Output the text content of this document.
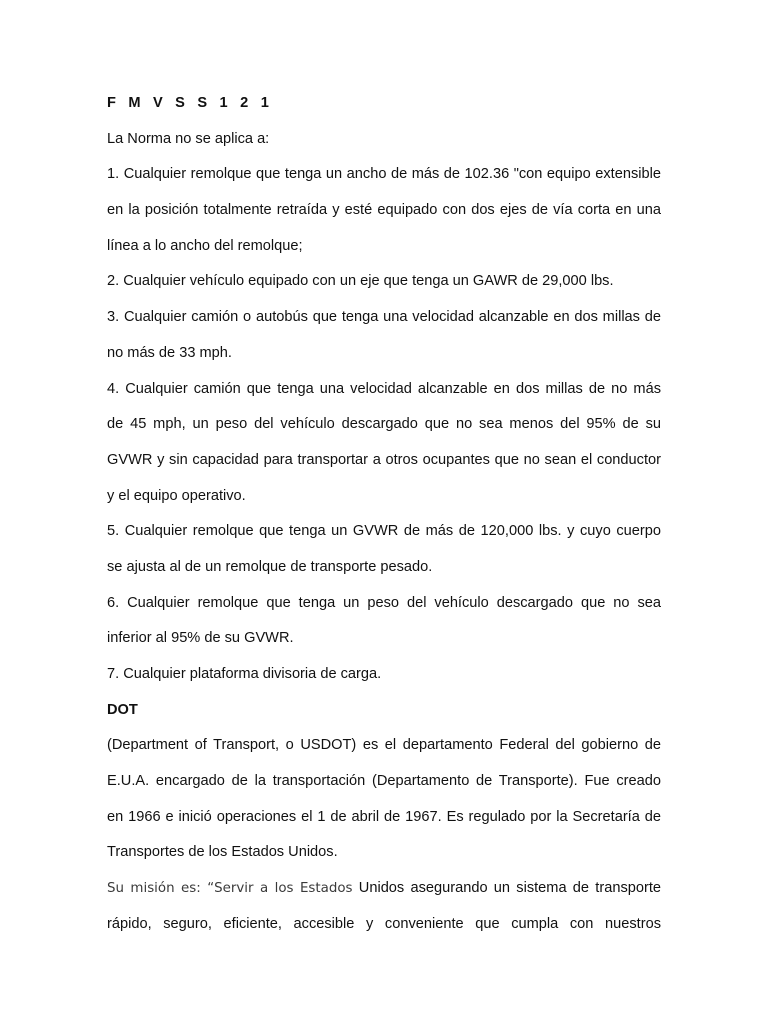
F M V S S 1 2 1
La Norma no se aplica a:
1. Cualquier remolque que tenga un ancho de más de 102.36 "con equipo extensible
en la posición totalmente retraída y esté equipado con dos ejes de vía corta en una
línea a lo ancho del remolque;
2. Cualquier vehículo equipado con un eje que tenga un GAWR de 29,000 lbs.
3. Cualquier camión o autobús que tenga una velocidad alcanzable en dos millas de
no más de 33 mph.
4. Cualquier camión que tenga una velocidad alcanzable en dos millas de no más
de 45 mph, un peso del vehículo descargado que no sea menos del 95% de su
GVWR y sin capacidad para transportar a otros ocupantes que no sean el conductor
y el equipo operativo.
5. Cualquier remolque que tenga un GVWR de más de 120,000 lbs. y cuyo cuerpo
se ajusta al de un remolque de transporte pesado.
6. Cualquier remolque que tenga un peso del vehículo descargado que no sea
inferior al 95% de su GVWR.
7. Cualquier plataforma divisoria de carga.
DOT
(Department of Transport, o USDOT) es el departamento Federal del gobierno de
E.U.A. encargado de la transportación (Departamento de Transporte). Fue creado
en 1966 e inició operaciones el 1 de abril de 1967. Es regulado por la Secretaría de
Transportes de los Estados Unidos.
Su misión es: “Servir a los Estados Unidos asegurando un sistema de transporte
rápido, seguro, eficiente, accesible y conveniente que cumpla con nuestros
